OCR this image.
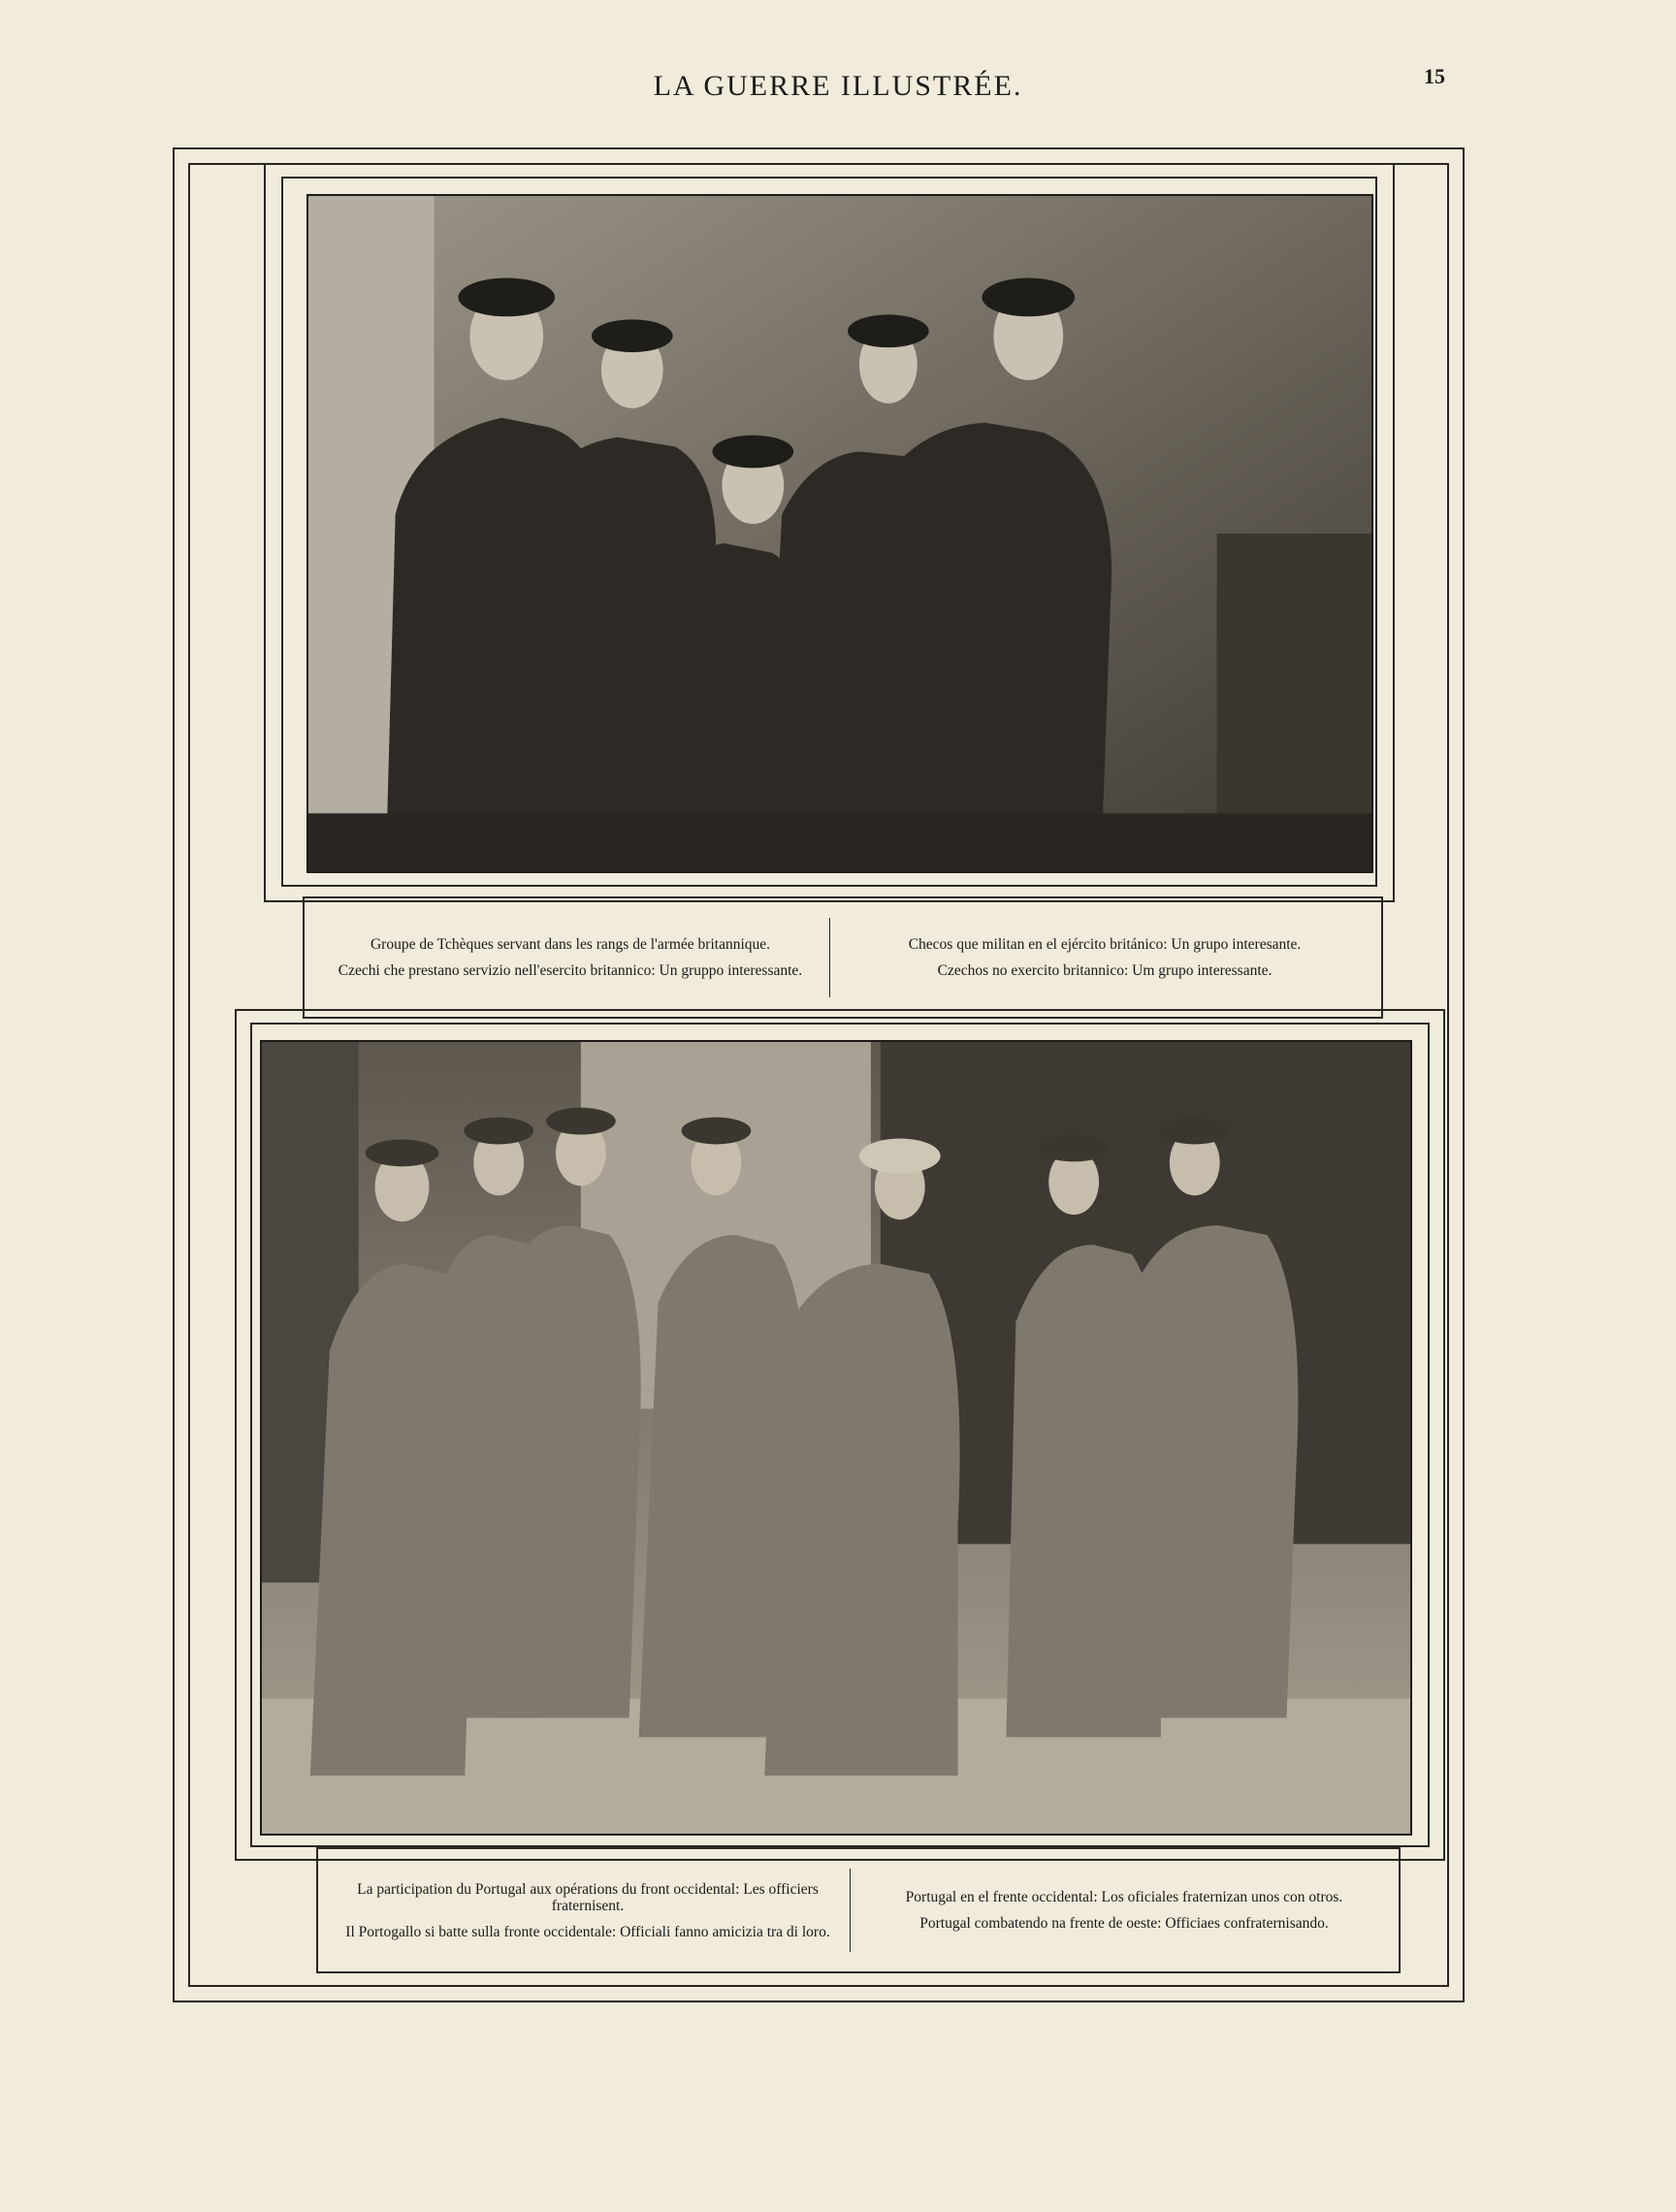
LA GUERRE ILLUSTRÉE.	15

Groupe de Tchèques servant dans les rangs de l'armée britannique.

Czechi che prestano servizio nell'esercito britannico: Un gruppo interessante.

Checos que militan en el ejército británico: Un grupo interesante.

Czechos no exercito britannico: Um grupo interessante.

La participation du Portugal aux opérations du front occidental: Les officiers fraternisent.

Il Portogallo si batte sulla fronte occidentale: Officiali fanno amicizia tra di loro.

Portugal en el frente occidental: Los oficiales fraternizan unos con otros.

Portugal combatendo na frente de oeste: Officiaes confraternisando.
